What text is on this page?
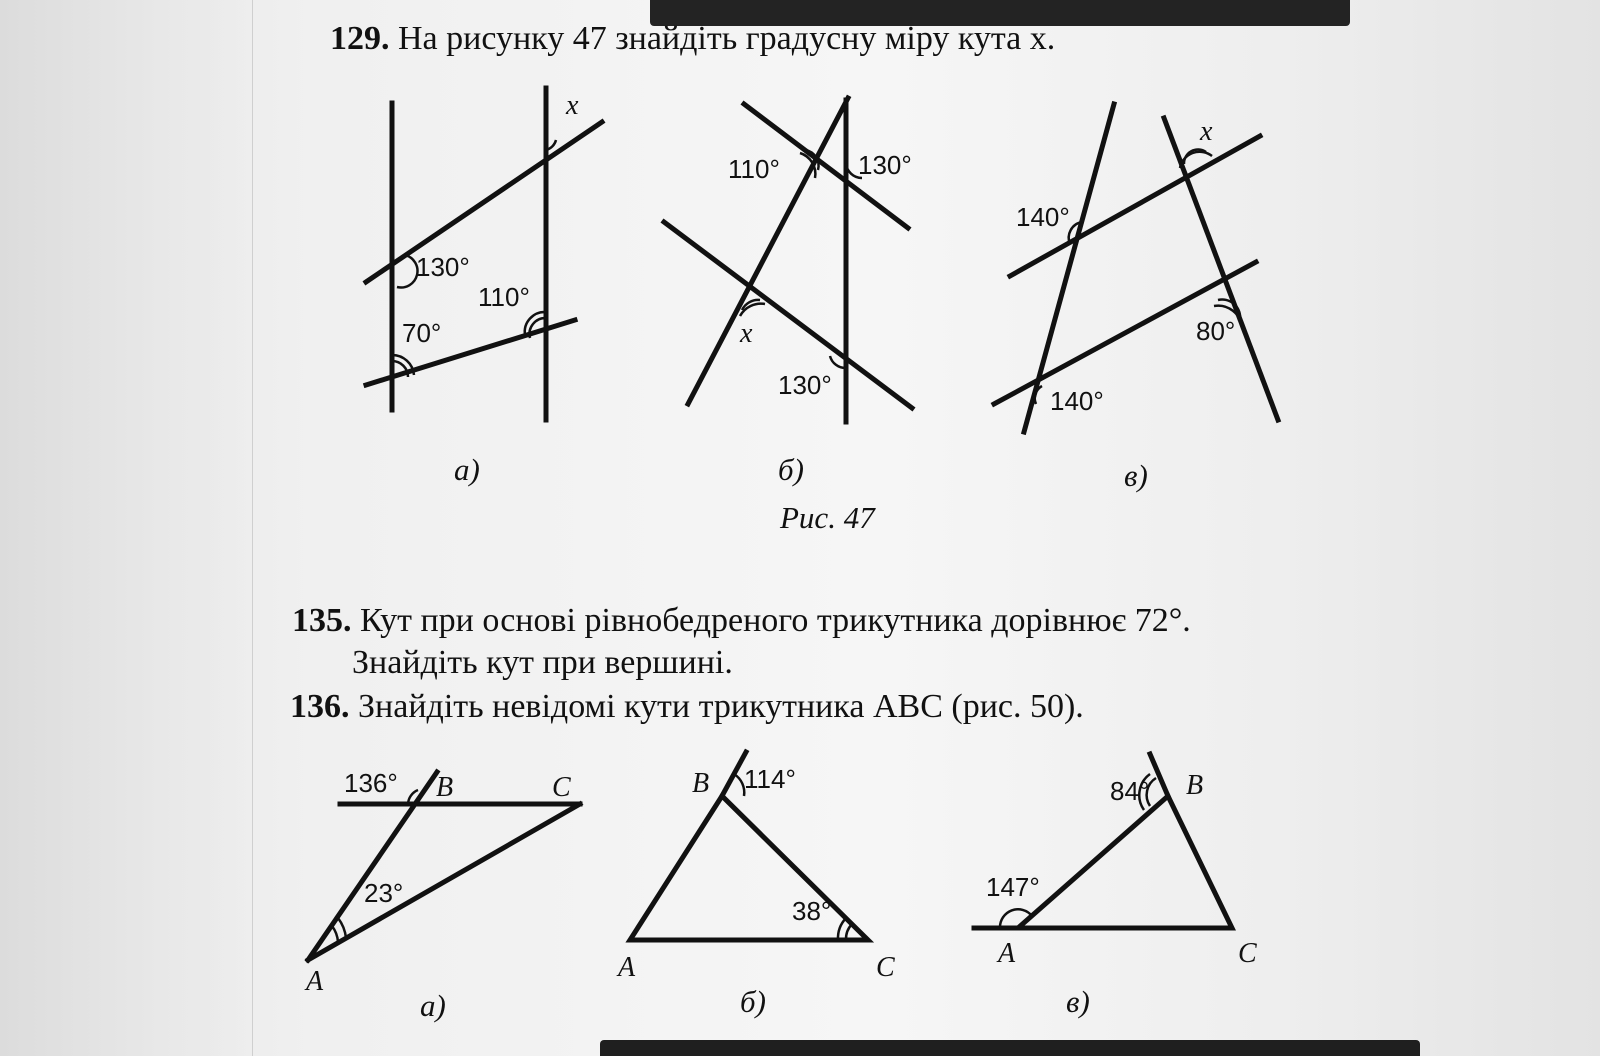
129. На рисунку 47 знайдіть градусну міру кута x.
135. Кут при основі рівнобедреного трикутника дорівнює 72°.
Знайдіть кут при вершині.
136. Знайдіть невідомі кути трикутника ABC (рис. 50).
а)	б)	в)
Рис. 47
а)	б)	в)
x
130°
110°
70°
110°	130°
x
130°
x
140°
80°
140°
136°
23°
B	C
A
114°
38°
B
A	C
84°
147°
B
A	C
